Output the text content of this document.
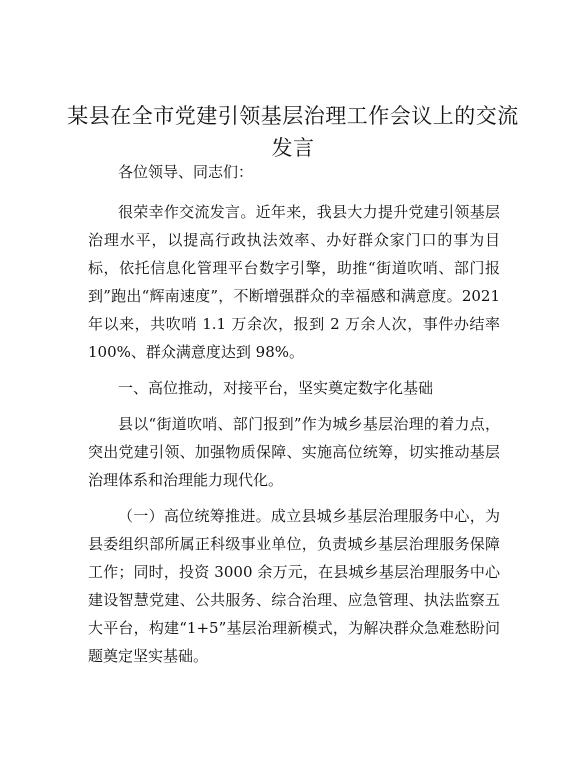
某县在全市党建引领基层治理工作会议上的交流发言

各位领导、同志们：

很荣幸作交流发言。近年来，我县大力提升党建引领基层治理水平，以提高行政执法效率、办好群众家门口的事为目标，依托信息化管理平台数字引擎，助推“街道吹哨、部门报到”跑出“辉南速度”，不断增强群众的幸福感和满意度。2021 年以来，共吹哨 1.1 万余次，报到 2 万余人次，事件办结率 100%、群众满意度达到 98%。

一、高位推动，对接平台，坚实奠定数字化基础

县以“街道吹哨、部门报到”作为城乡基层治理的着力点，突出党建引领、加强物质保障、实施高位统筹，切实推动基层治理体系和治理能力现代化。

（一）高位统筹推进。成立县城乡基层治理服务中心，为县委组织部所属正科级事业单位，负责城乡基层治理服务保障工作；同时，投资 3000 余万元，在县城乡基层治理服务中心建设智慧党建、公共服务、综合治理、应急管理、执法监察五大平台，构建“1+5”基层治理新模式，为解决群众急难愁盼问题奠定坚实基础。
